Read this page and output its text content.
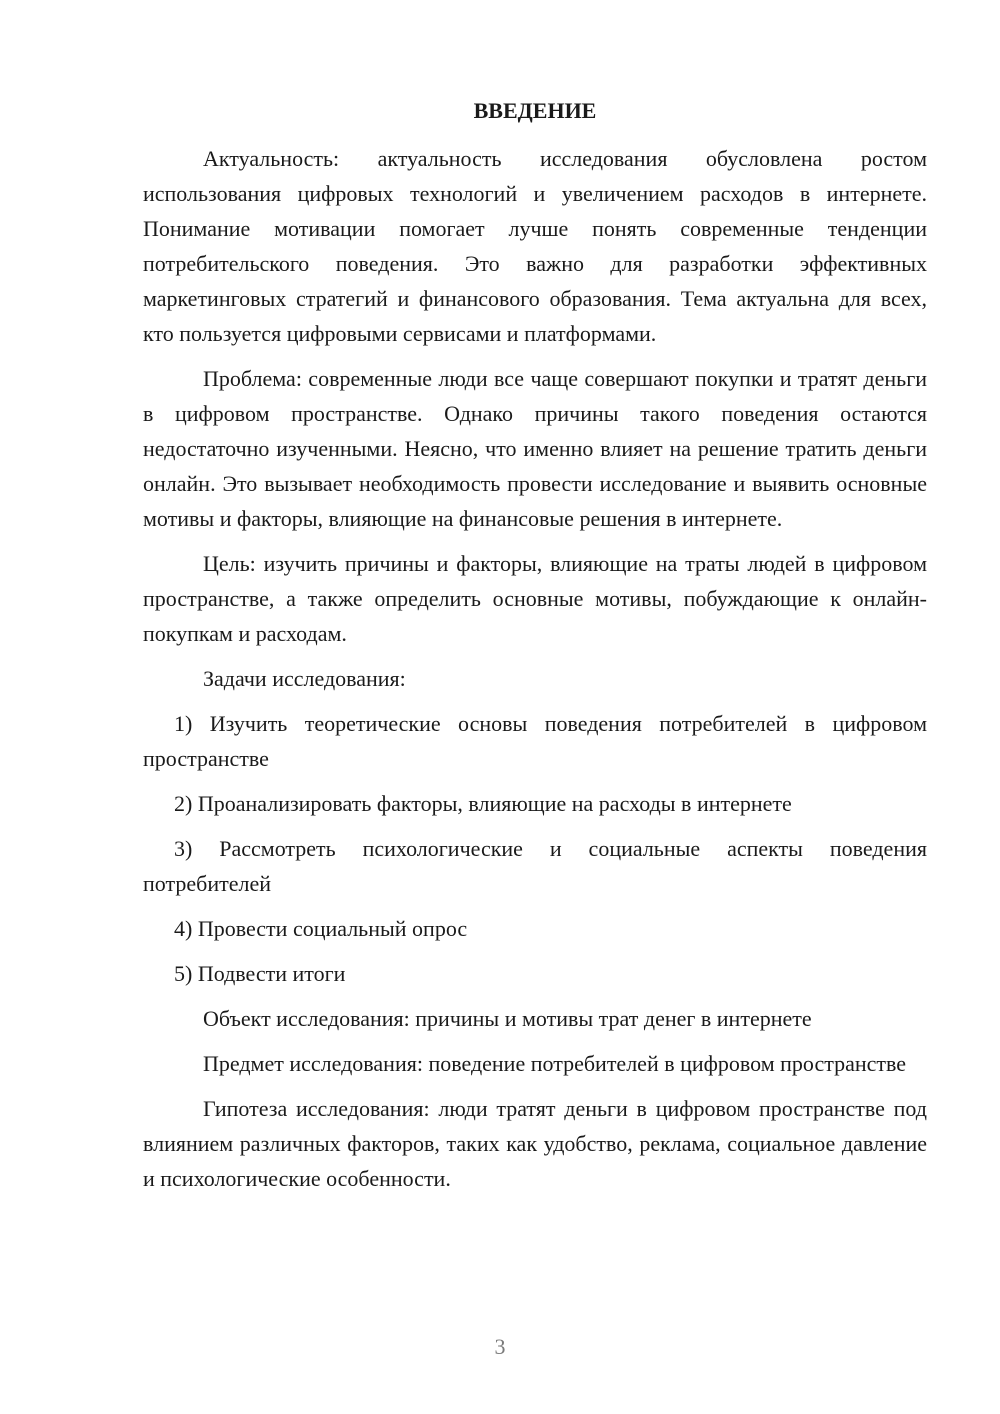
ВВЕДЕНИЕ

Актуальность: актуальность исследования обусловлена ростом использования цифровых технологий и увеличением расходов в интернете. Понимание мотивации помогает лучше понять современные тенденции потребительского поведения. Это важно для разработки эффективных маркетинговых стратегий и финансового образования. Тема актуальна для всех, кто пользуется цифровыми сервисами и платформами.

Проблема: современные люди все чаще совершают покупки и тратят деньги в цифровом пространстве. Однако причины такого поведения остаются недостаточно изученными. Неясно, что именно влияет на решение тратить деньги онлайн. Это вызывает необходимость провести исследование и выявить основные мотивы и факторы, влияющие на финансовые решения в интернете.

Цель: изучить причины и факторы, влияющие на траты людей в цифровом пространстве, а также определить основные мотивы, побуждающие к онлайн-покупкам и расходам.

Задачи исследования:

1) Изучить теоретические основы поведения потребителей в цифровом пространстве

2) Проанализировать факторы, влияющие на расходы в интернете

3) Рассмотреть психологические и социальные аспекты поведения потребителей

4) Провести социальный опрос

5) Подвести итоги

Объект исследования: причины и мотивы трат денег в интернете

Предмет исследования: поведение потребителей в цифровом пространстве

Гипотеза исследования: люди тратят деньги в цифровом пространстве под влиянием различных факторов, таких как удобство, реклама, социальное давление и психологические особенности.

3
